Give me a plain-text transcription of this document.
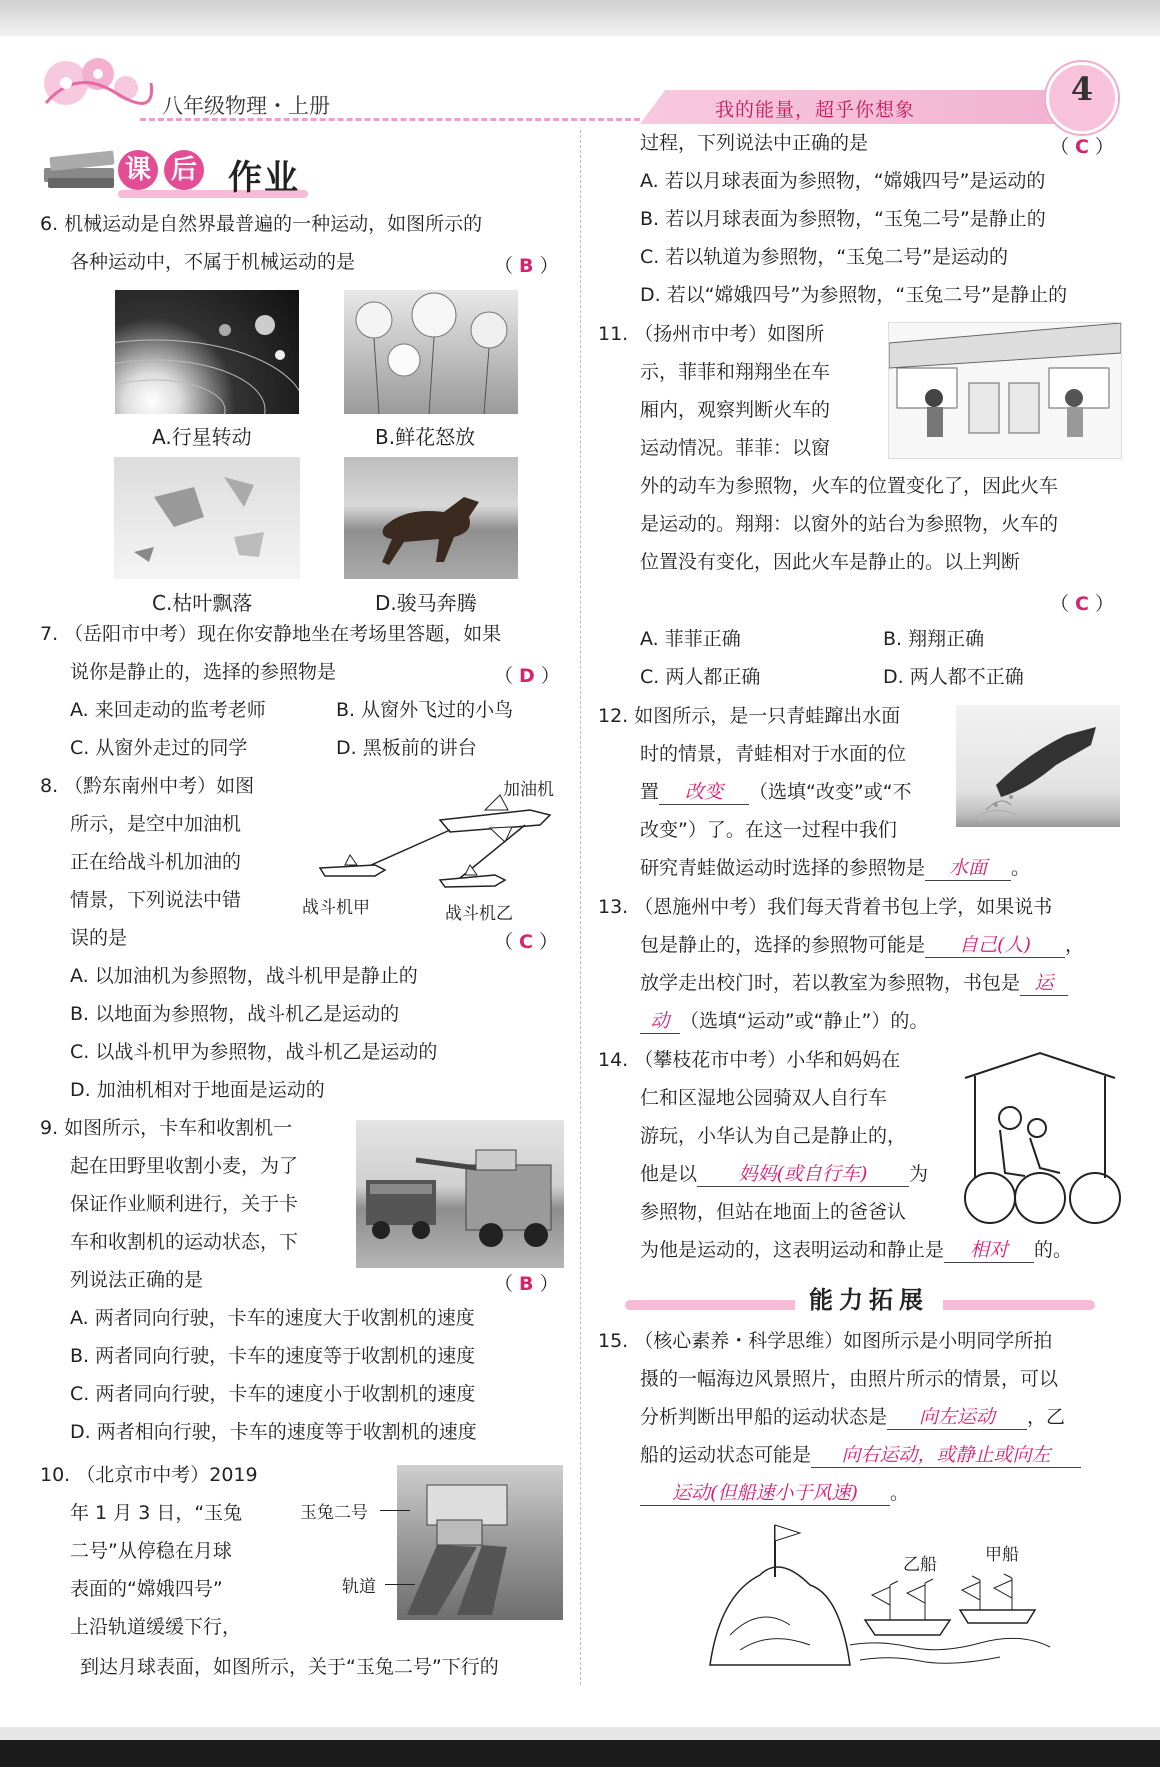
八年级物理・上册	我的能量，超乎你想象
4
课 后 作业
6. 机械运动是自然界最普遍的一种运动，如图所示的
各种运动中，不属于机械运动的是	（ B ）
A.行星转动	B.鲜花怒放
C.枯叶飘落	D.骏马奔腾
7. （岳阳市中考）现在你安静地坐在考场里答题，如果
说你是静止的，选择的参照物是	（ D ）
A. 来回走动的监考老师	B. 从窗外飞过的小鸟
C. 从窗外走过的同学	D. 黑板前的讲台
8. （黔东南州中考）如图
所示，是空中加油机
正在给战斗机加油的
情景，下列说法中错
误的是	（ C ）
加油机
战斗机甲	战斗机乙
A. 以加油机为参照物，战斗机甲是静止的
B. 以地面为参照物，战斗机乙是运动的
C. 以战斗机甲为参照物，战斗机乙是运动的
D. 加油机相对于地面是运动的
9. 如图所示，卡车和收割机一
起在田野里收割小麦，为了
保证作业顺利进行，关于卡
车和收割机的运动状态，下
列说法正确的是	（ B ）
A. 两者同向行驶，卡车的速度大于收割机的速度
B. 两者同向行驶，卡车的速度等于收割机的速度
C. 两者同向行驶，卡车的速度小于收割机的速度
D. 两者相向行驶，卡车的速度等于收割机的速度
10. （北京市中考）2019
年 1 月 3 日，“玉兔
二号”从停稳在月球
表面的“嫦娥四号”
上沿轨道缓缓下行，
到达月球表面，如图所示，关于“玉兔二号”下行的
玉兔二号
轨道
过程，下列说法中正确的是	（ C ）
A. 若以月球表面为参照物，“嫦娥四号”是运动的
B. 若以月球表面为参照物，“玉兔二号”是静止的
C. 若以轨道为参照物，“玉兔二号”是运动的
D. 若以“嫦娥四号”为参照物，“玉兔二号”是静止的
11. （扬州市中考）如图所
示，菲菲和翔翔坐在车
厢内，观察判断火车的
运动情况。菲菲：以窗
外的动车为参照物，火车的位置变化了，因此火车
是运动的。翔翔：以窗外的站台为参照物，火车的
位置没有变化，因此火车是静止的。以上判断
（ C ）
A. 菲菲正确	B. 翔翔正确
C. 两人都正确	D. 两人都不正确
12. 如图所示，是一只青蛙蹿出水面
时的情景，青蛙相对于水面的位
置 改变 （选填“改变”或“不
改变”）了。在这一过程中我们
研究青蛙做运动时选择的参照物是 水面 。
13. （恩施州中考）我们每天背着书包上学，如果说书
包是静止的，选择的参照物可能是 自己(人) ，
放学走出校门时，若以教室为参照物，书包是 运
动 （选填“运动”或“静止”）的。
14. （攀枝花市中考）小华和妈妈在
仁和区湿地公园骑双人自行车
游玩，小华认为自己是静止的，
他是以 妈妈(或自行车) 为
参照物，但站在地面上的爸爸认
为他是运动的，这表明运动和静止是 相对 的。
能力拓展
15. （核心素养・科学思维）如图所示是小明同学所拍
摄的一幅海边风景照片，由照片所示的情景，可以
分析判断出甲船的运动状态是 向左运动 ，乙
船的运动状态可能是 向右运动，或静止或向左
运动(但船速小于风速) 。
乙船	甲船
